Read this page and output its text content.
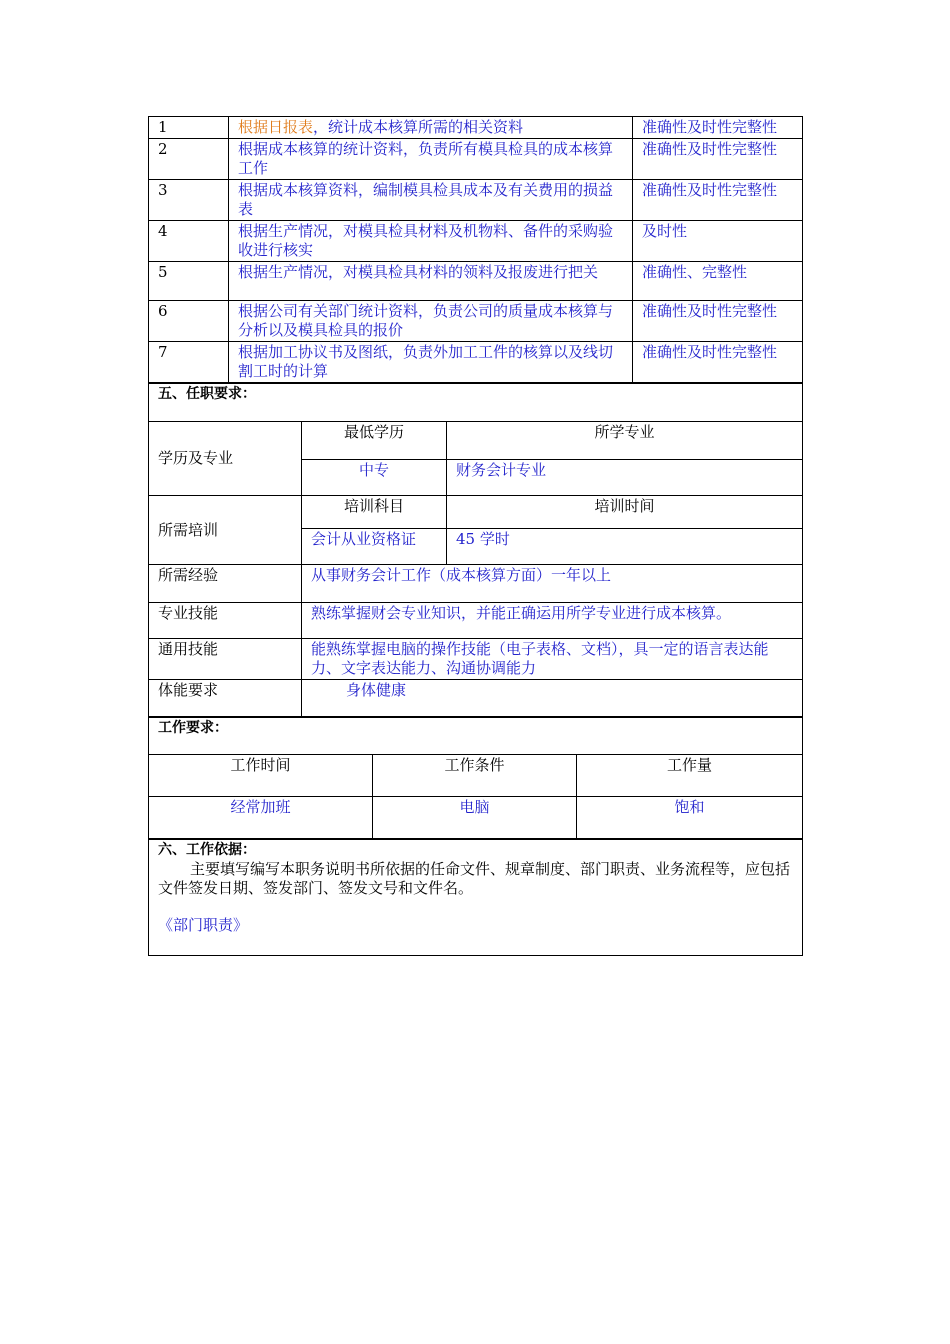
1	根据日报表，统计成本核算所需的相关资料	准确性及时性完整性
2	根据成本核算的统计资料，负责所有模具检具的成本核算工作	准确性及时性完整性
3	根据成本核算资料，编制模具检具成本及有关费用的损益表	准确性及时性完整性
4	根据生产情况，对模具检具材料及机物料、备件的采购验收进行核实	及时性
5	根据生产情况，对模具检具材料的领料及报废进行把关	准确性、完整性
6	根据公司有关部门统计资料，负责公司的质量成本核算与分析以及模具检具的报价	准确性及时性完整性
7	根据加工协议书及图纸，负责外加工工件的核算以及线切割工时的计算	准确性及时性完整性
五、任职要求：		
学历及专业	最低学历	所学专业
	中专	财务会计专业
所需培训	培训科目	培训时间
	会计从业资格证	45 学时
所需经验	从事财务会计工作（成本核算方面）一年以上	
专业技能	熟练掌握财会专业知识，并能正确运用所学专业进行成本核算。	
通用技能	能熟练掌握电脑的操作技能（电子表格、文档），具一定的语言表达能力、文字表达能力、沟通协调能力	
体能要求	身体健康	
工作要求：		
工作时间	工作条件	工作量
经常加班	电脑	饱和
六、工作依据：
主要填写编写本职务说明书所依据的任命文件、规章制度、部门职责、业务流程等，应包括文件签发日期、签发部门、签发文号和文件名。
《部门职责》
